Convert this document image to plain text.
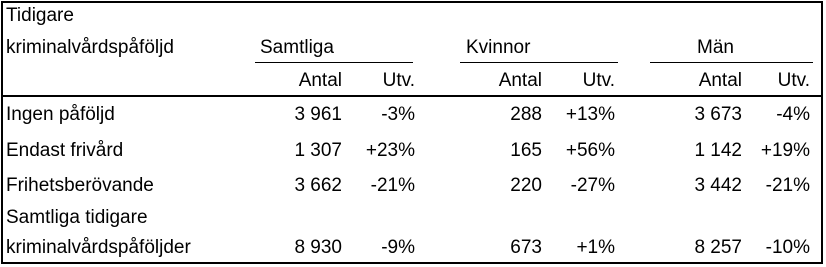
Tidigare
kriminalvårdspåföljd	Samtliga	Kvinnor	Män
Antal	Utv.	Antal	Utv.	Antal	Utv.
Ingen påföljd	3 961	-3%	288	+13%	3 673	-4%
Endast frivård	1 307	+23%	165	+56%	1 142 +19%
Frihetsberövande	3 662	-21%	220	-27%	3 442	-21%
Samtliga tidigare
kriminalvårdspåföljder	8 930	-9%	673	+1%	8 257	-10%
